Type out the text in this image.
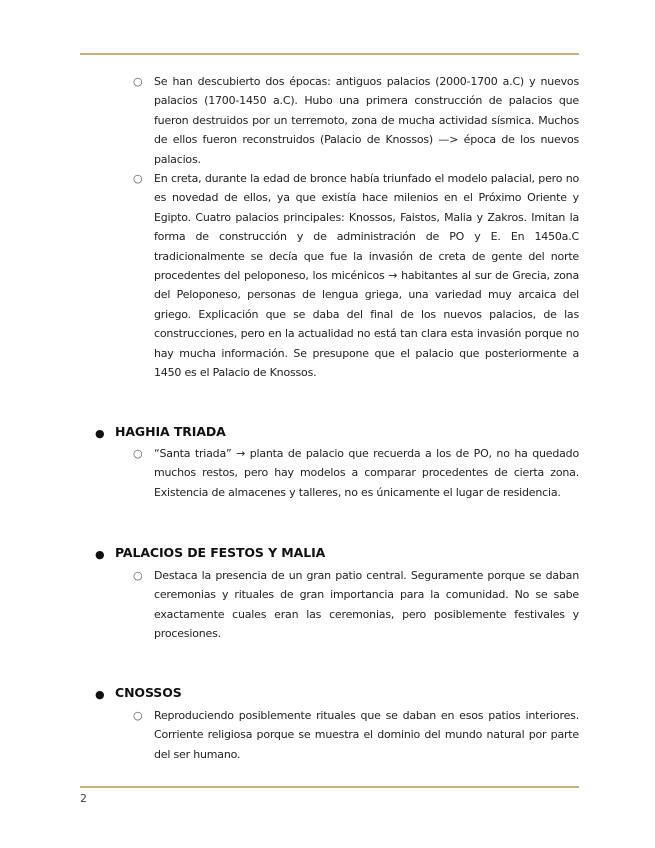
○ Se han descubierto dos épocas: antiguos palacios (2000-1700 a.C) y nuevos palacios (1700-1450 a.C). Hubo una primera construcción de palacios que fueron destruidos por un terremoto, zona de mucha actividad sísmica. Muchos de ellos fueron reconstruidos (Palacio de Knossos) —> época de los nuevos palacios.
○ En creta, durante la edad de bronce había triunfado el modelo palacial, pero no es novedad de ellos, ya que existía hace milenios en el Próximo Oriente y Egipto. Cuatro palacios principales: Knossos, Faistos, Malia y Zakros. Imitan la forma de construcción y de administración de PO y E. En 1450a.C tradicionalmente se decía que fue la invasión de creta de gente del norte procedentes del peloponeso, los micénicos → habitantes al sur de Grecia, zona del Peloponeso, personas de lengua griega, una variedad muy arcaica del griego. Explicación que se daba del final de los nuevos palacios, de las construcciones, pero en la actualidad no está tan clara esta invasión porque no hay mucha información. Se presupone que el palacio que posteriormente a 1450 es el Palacio de Knossos.
● HAGHIA TRIADA
○ “Santa triada” → planta de palacio que recuerda a los de PO, no ha quedado muchos restos, pero hay modelos a comparar procedentes de cierta zona. Existencia de almacenes y talleres, no es únicamente el lugar de residencia.
● PALACIOS DE FESTOS Y MALIA
○ Destaca la presencia de un gran patio central. Seguramente porque se daban ceremonias y rituales de gran importancia para la comunidad. No se sabe exactamente cuales eran las ceremonias, pero posiblemente festivales y procesiones.
● CNOSSOS
○ Reproduciendo posiblemente rituales que se daban en esos patios interiores. Corriente religiosa porque se muestra el dominio del mundo natural por parte del ser humano.
2
